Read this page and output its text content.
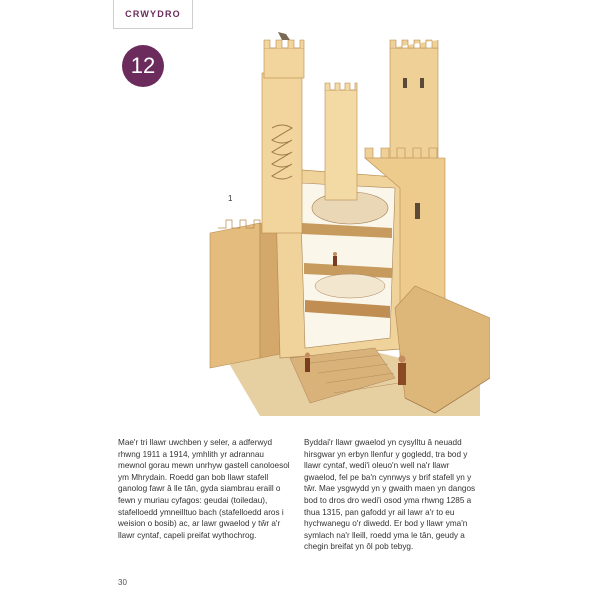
CRWYDRO
12
1

Mae'r tri llawr uwchben y seler, a adferwyd rhwng 1911 a 1914, ymhlith yr adrannau mewnol gorau mewn unrhyw gastell canoloesol ym Mhrydain. Roedd gan bob llawr stafell ganolog fawr â lle tân, gyda siambrau eraill o fewn y muriau cyfagos: geudai (toiledau), stafelloedd ymneilltuo bach (stafelloedd aros i weision o bosib) ac, ar lawr gwaelod y tŵr a'r llawr cyntaf, capeli preifat wythochrog.

Byddai'r llawr gwaelod yn cysylltu â neuadd hirsgwar yn erbyn llenfur y gogledd, tra bod y llawr cyntaf, wedi'i oleuo'n well na'r llawr gwaelod, fel pe ba'n cynnwys y brif stafell yn y tŵr. Mae ysgwydd yn y gwaith maen yn dangos bod to dros dro wedi'i osod yma rhwng 1285 a thua 1315, pan gafodd yr ail lawr a'r to eu hychwanegu o'r diwedd. Er bod y llawr yma'n symlach na'r lleill, roedd yma le tân, geudy a chegin breifat yn ôl pob tebyg.

30
